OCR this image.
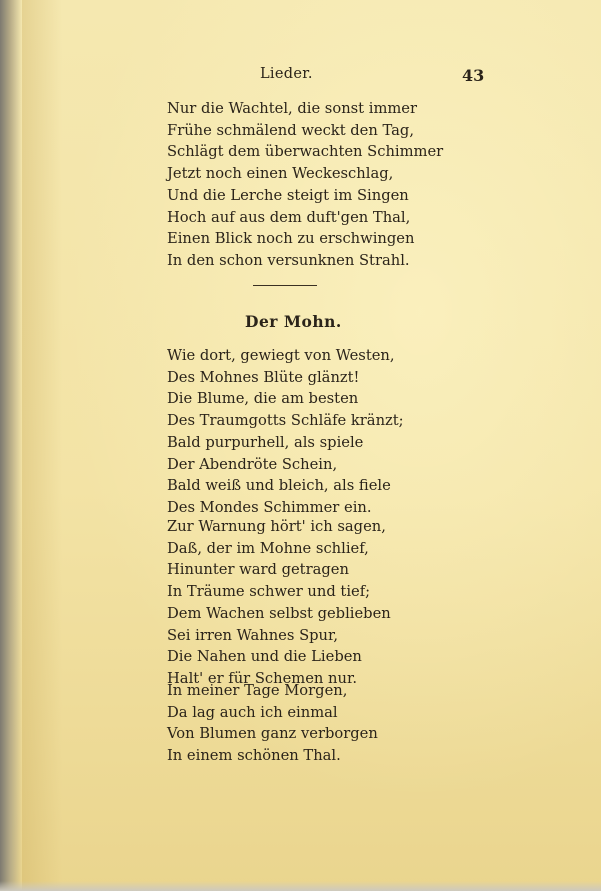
Lieder.	43
Nur die Wachtel, die sonst immer
Frühe schmälend weckt den Tag,
Schlägt dem überwachten Schimmer
Jetzt noch einen Weckeschlag,
Und die Lerche steigt im Singen
Hoch auf aus dem duft'gen Thal,
Einen Blick noch zu erschwingen
In den schon versunknen Strahl.
Der Mohn.
Wie dort, gewiegt von Westen,
Des Mohnes Blüte glänzt!
Die Blume, die am besten
Des Traumgotts Schläfe kränzt;
Bald purpurhell, als spiele
Der Abendröte Schein,
Bald weiß und bleich, als fiele
Des Mondes Schimmer ein.
Zur Warnung hört' ich sagen,
Daß, der im Mohne schlief,
Hinunter ward getragen
In Träume schwer und tief;
Dem Wachen selbst geblieben
Sei irren Wahnes Spur,
Die Nahen und die Lieben
Halt' er für Schemen nur.
In meiner Tage Morgen,
Da lag auch ich einmal
Von Blumen ganz verborgen
In einem schönen Thal.
